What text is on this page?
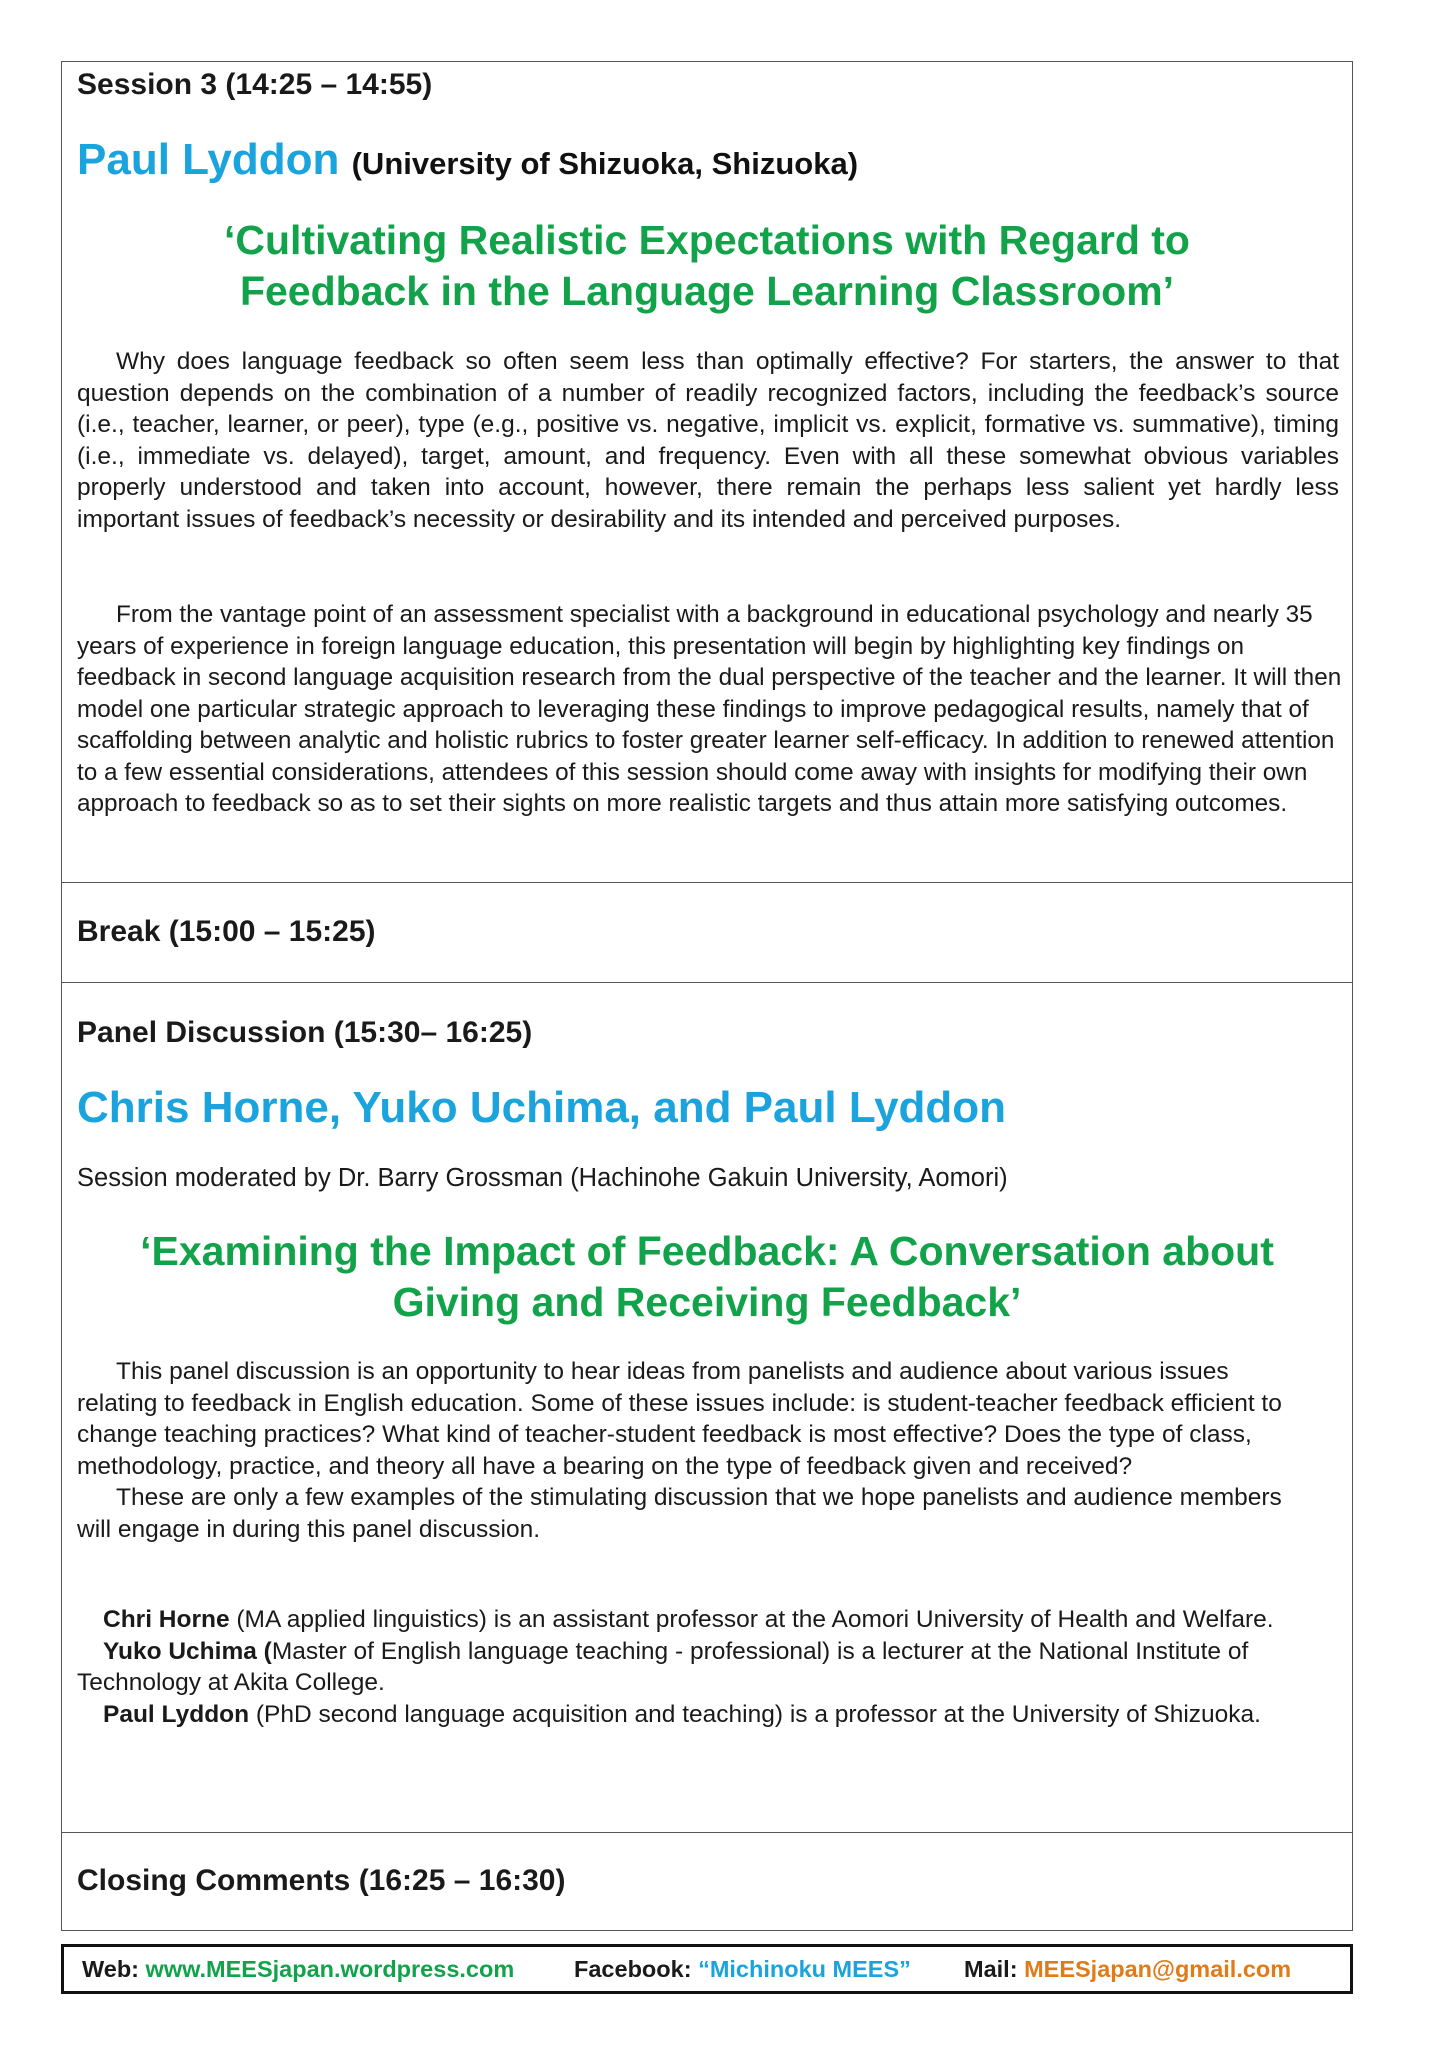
Session 3 (14:25 – 14:55)
Paul Lyddon (University of Shizuoka, Shizuoka)
‘Cultivating Realistic Expectations with Regard to
Feedback in the Language Learning Classroom’

Why does language feedback so often seem less than optimally effective? For starters, the answer to that question depends on the combination of a number of readily recognized factors, including the feedback’s source (i.e., teacher, learner, or peer), type (e.g., positive vs. negative, implicit vs. explicit, formative vs. summative), timing (i.e., immediate vs. delayed), target, amount, and frequency. Even with all these somewhat obvious variables properly understood and taken into account, however, there remain the perhaps less salient yet hardly less important issues of feedback’s necessity or desirability and its intended and perceived purposes.

From the vantage point of an assessment specialist with a background in educational psychology and nearly 35 years of experience in foreign language education, this presentation will begin by highlighting key findings on feedback in second language acquisition research from the dual perspective of the teacher and the learner. It will then model one particular strategic approach to leveraging these findings to improve pedagogical results, namely that of scaffolding between analytic and holistic rubrics to foster greater learner self-efficacy. In addition to renewed attention to a few essential considerations, attendees of this session should come away with insights for modifying their own approach to feedback so as to set their sights on more realistic targets and thus attain more satisfying outcomes.

Break (15:00 – 15:25)
Panel Discussion (15:30– 16:25)
Chris Horne, Yuko Uchima, and Paul Lyddon
Session moderated by Dr. Barry Grossman (Hachinohe Gakuin University, Aomori)
‘Examining the Impact of Feedback: A Conversation about
Giving and Receiving Feedback’

This panel discussion is an opportunity to hear ideas from panelists and audience about various issues relating to feedback in English education. Some of these issues include: is student-teacher feedback efficient to change teaching practices? What kind of teacher-student feedback is most effective? Does the type of class, methodology, practice, and theory all have a bearing on the type of feedback given and received?

These are only a few examples of the stimulating discussion that we hope panelists and audience members will engage in during this panel discussion.

Chri Horne (MA applied linguistics) is an assistant professor at the Aomori University of Health and Welfare.

Yuko Uchima (Master of English language teaching - professional) is a lecturer at the National Institute of Technology at Akita College.

Paul Lyddon (PhD second language acquisition and teaching) is a professor at the University of Shizuoka.

Closing Comments (16:25 – 16:30)
Web: www.MEESjapan.wordpress.com	Facebook: “Michinoku MEES” Mail: MEESjapan@gmail.com
